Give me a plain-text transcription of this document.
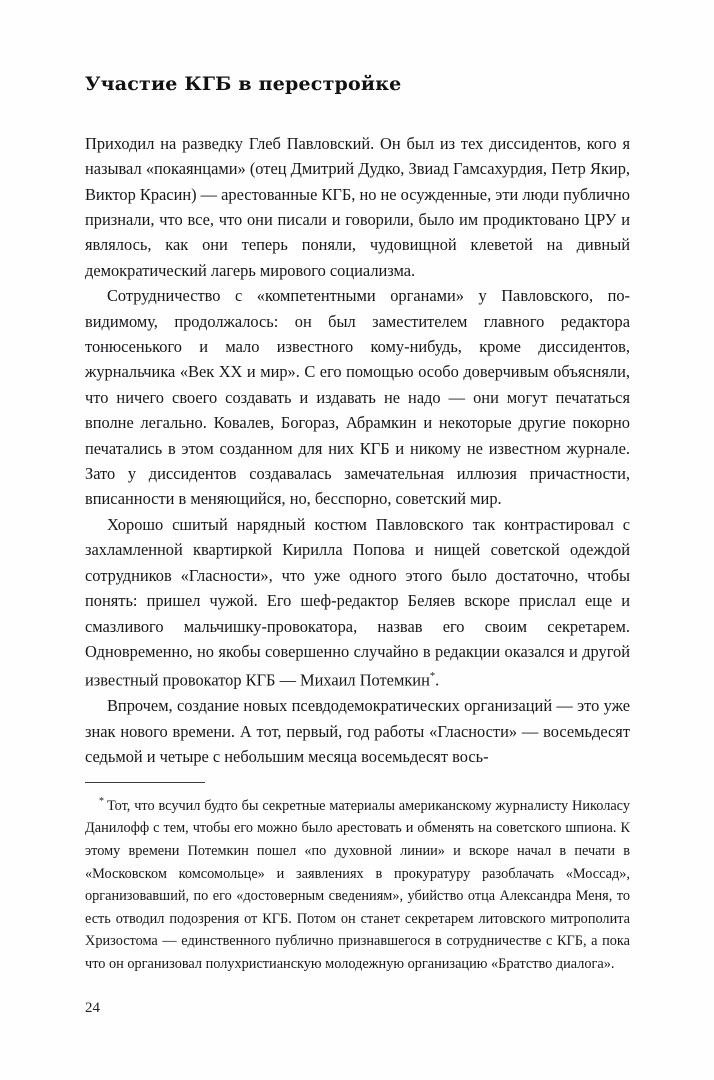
Участие КГБ в перестройке

Приходил на разведку Глеб Павловский. Он был из тех диссидентов, кого я называл «покаянцами» (отец Дмитрий Дудко, Звиад Гамсахурдия, Петр Якир, Виктор Красин) — арестованные КГБ, но не осужденные, эти люди публично признали, что все, что они писали и говорили, было им продиктовано ЦРУ и являлось, как они теперь поняли, чудовищной клеветой на дивный демократический лагерь мирового социализма.

Сотрудничество с «компетентными органами» у Павловского, по-видимому, продолжалось: он был заместителем главного редактора тонюсенького и мало известного кому-нибудь, кроме диссидентов, журнальчика «Век XX и мир». С его помощью особо доверчивым объясняли, что ничего своего создавать и издавать не надо — они могут печататься вполне легально. Ковалев, Богораз, Абрамкин и некоторые другие покорно печатались в этом созданном для них КГБ и никому не известном журнале. Зато у диссидентов создавалась замечательная иллюзия причастности, вписанности в меняющийся, но, бесспорно, советский мир.

Хорошо сшитый нарядный костюм Павловского так контрастировал с захламленной квартиркой Кирилла Попова и нищей советской одеждой сотрудников «Гласности», что уже одного этого было достаточно, чтобы понять: пришел чужой. Его шеф-редактор Беляев вскоре прислал еще и смазливого мальчишку-провокатора, назвав его своим секретарем. Одновременно, но якобы совершенно случайно в редакции оказался и другой известный провокатор КГБ — Михаил Потемкин*.

Впрочем, создание новых псевдодемократических организаций — это уже знак нового времени. А тот, первый, год работы «Гласности» — восемьдесят седьмой и четыре с небольшим месяца восемьдесят вось-

* Тот, что всучил будто бы секретные материалы американскому журналисту Николасу Данилофф с тем, чтобы его можно было арестовать и обменять на советского шпиона. К этому времени Потемкин пошел «по духовной линии» и вскоре начал в печати в «Московском комсомольце» и заявлениях в прокуратуру разоблачать «Моссад», организовавший, по его «достоверным сведениям», убийство отца Александра Меня, то есть отводил подозрения от КГБ. Потом он станет секретарем литовского митрополита Хризостома — единственного публично признавшегося в сотрудничестве с КГБ, а пока что он организовал полухристианскую молодежную организацию «Братство диалога».

24
